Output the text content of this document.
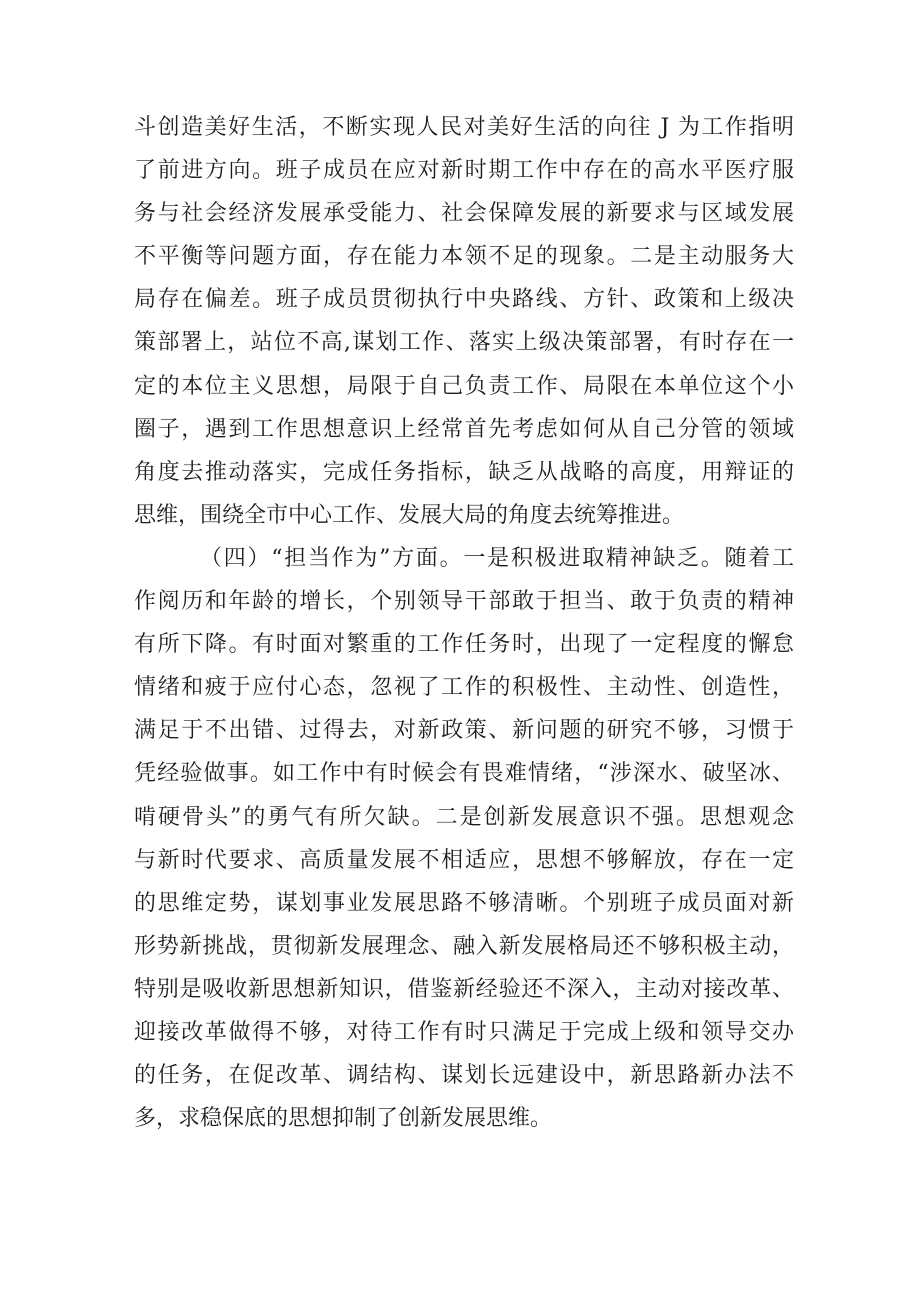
斗创造美好生活，不断实现人民对美好生活的向往 J 为工作指明
了前进方向。班子成员在应对新时期工作中存在的高水平医疗服
务与社会经济发展承受能力、社会保障发展的新要求与区域发展
不平衡等问题方面，存在能力本领不足的现象。二是主动服务大
局存在偏差。班子成员贯彻执行中央路线、方针、政策和上级决
策部署上，站位不高,谋划工作、落实上级决策部署，有时存在一
定的本位主义思想，局限于自己负责工作、局限在本单位这个小
圈子，遇到工作思想意识上经常首先考虑如何从自己分管的领域
角度去推动落实，完成任务指标，缺乏从战略的高度，用辩证的
思维，围绕全市中心工作、发展大局的角度去统筹推进。
（四）“担当作为”方面。一是积极进取精神缺乏。随着工
作阅历和年龄的增长，个别领导干部敢于担当、敢于负责的精神
有所下降。有时面对繁重的工作任务时，出现了一定程度的懈怠
情绪和疲于应付心态，忽视了工作的积极性、主动性、创造性，
满足于不出错、过得去，对新政策、新问题的研究不够，习惯于
凭经验做事。如工作中有时候会有畏难情绪，“涉深水、破坚冰、
啃硬骨头”的勇气有所欠缺。二是创新发展意识不强。思想观念
与新时代要求、高质量发展不相适应，思想不够解放，存在一定
的思维定势，谋划事业发展思路不够清晰。个别班子成员面对新
形势新挑战，贯彻新发展理念、融入新发展格局还不够积极主动，
特别是吸收新思想新知识，借鉴新经验还不深入，主动对接改革、
迎接改革做得不够，对待工作有时只满足于完成上级和领导交办
的任务，在促改革、调结构、谋划长远建设中，新思路新办法不
多，求稳保底的思想抑制了创新发展思维。
